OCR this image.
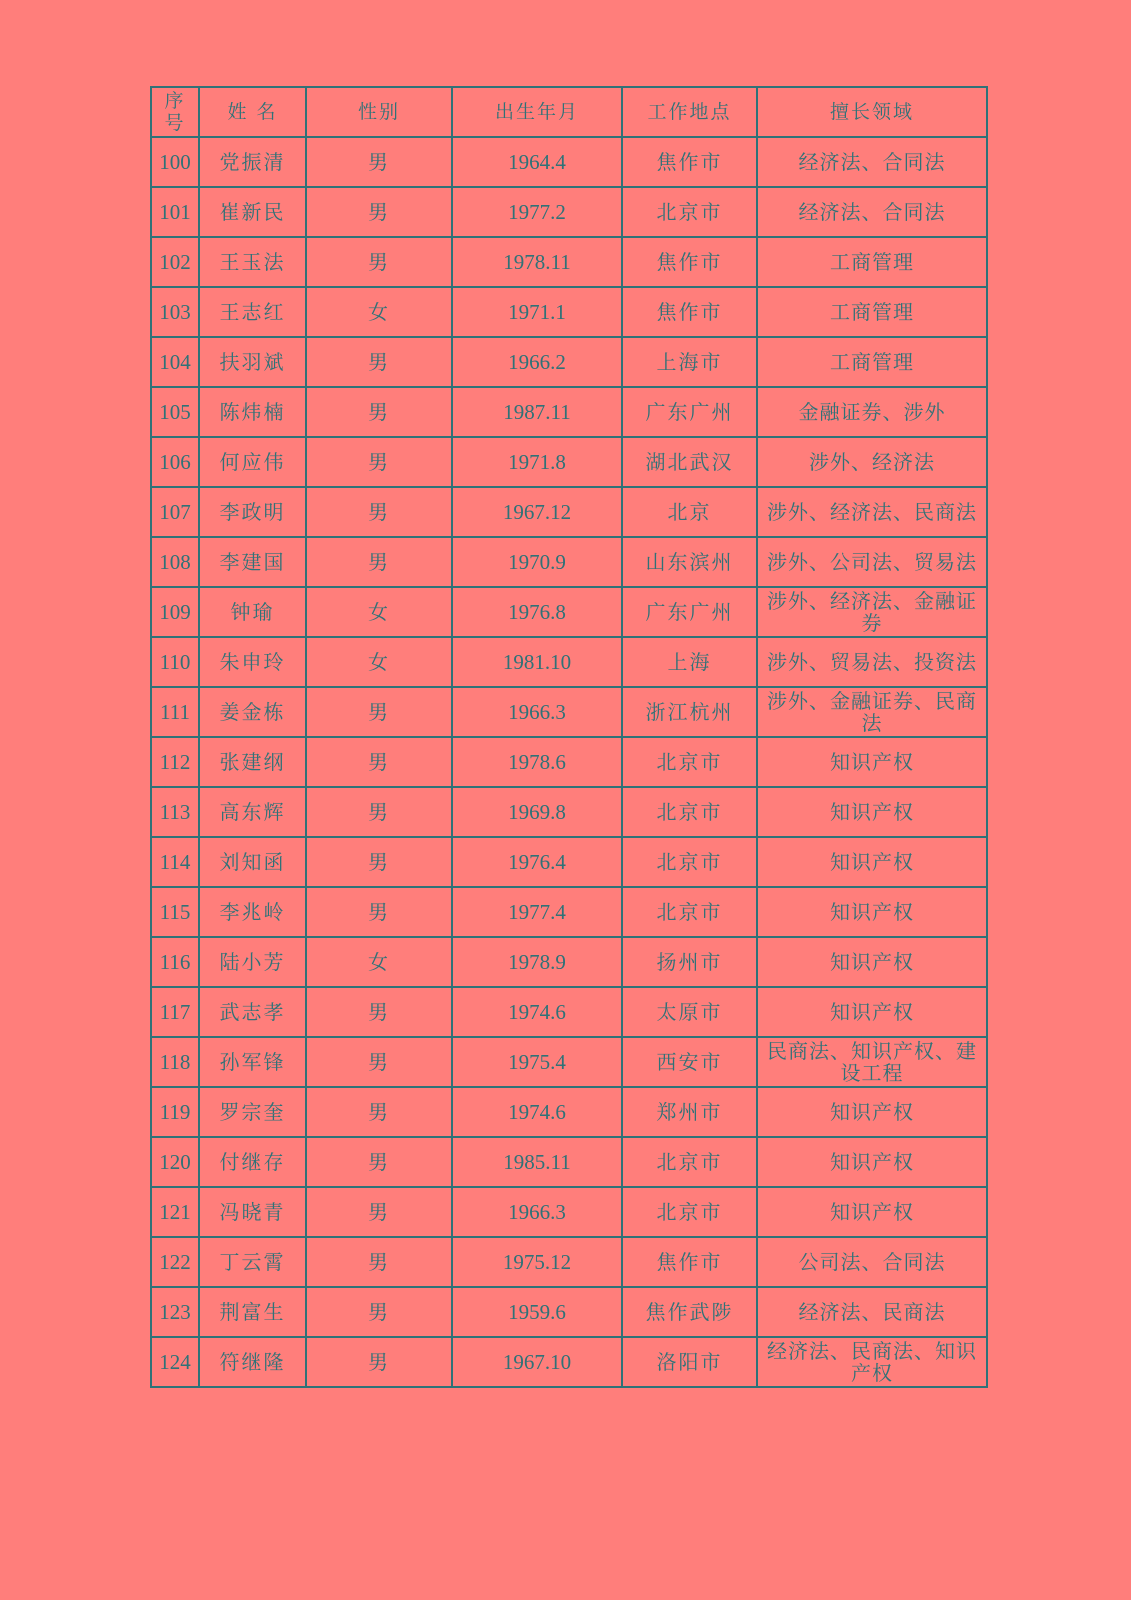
序号	姓 名	性别	出生年月	工作地点	擅长领域
100	党振清	男	1964.4	焦作市	经济法、合同法
101	崔新民	男	1977.2	北京市	经济法、合同法
102	王玉法	男	1978.11	焦作市	工商管理
103	王志红	女	1971.1	焦作市	工商管理
104	扶羽斌	男	1966.2	上海市	工商管理
105	陈炜楠	男	1987.11	广东广州	金融证券、涉外
106	何应伟	男	1971.8	湖北武汉	涉外、经济法
107	李政明	男	1967.12	北京	涉外、经济法、民商法
108	李建国	男	1970.9	山东滨州	涉外、公司法、贸易法
109	钟瑜	女	1976.8	广东广州	涉外、经济法、金融证券
110	朱申玲	女	1981.10	上海	涉外、贸易法、投资法
111	姜金栋	男	1966.3	浙江杭州	涉外、金融证券、民商法
112	张建纲	男	1978.6	北京市	知识产权
113	高东辉	男	1969.8	北京市	知识产权
114	刘知函	男	1976.4	北京市	知识产权
115	李兆岭	男	1977.4	北京市	知识产权
116	陆小芳	女	1978.9	扬州市	知识产权
117	武志孝	男	1974.6	太原市	知识产权
118	孙军锋	男	1975.4	西安市	民商法、知识产权、建设工程
119	罗宗奎	男	1974.6	郑州市	知识产权
120	付继存	男	1985.11	北京市	知识产权
121	冯晓青	男	1966.3	北京市	知识产权
122	丁云霄	男	1975.12	焦作市	公司法、合同法
123	荆富生	男	1959.6	焦作武陟	经济法、民商法
124	符继隆	男	1967.10	洛阳市	经济法、民商法、知识产权
